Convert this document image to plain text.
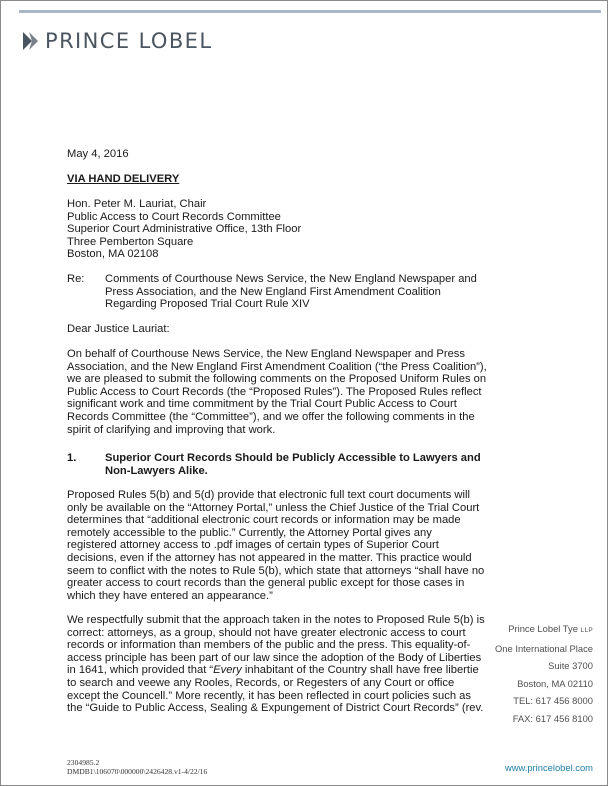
PRINCE LOBEL
May 4, 2016
VIA HAND DELIVERY
Hon. Peter M. Lauriat, Chair
Public Access to Court Records Committee
Superior Court Administrative Office, 13th Floor
Three Pemberton Square
Boston, MA 02108
Re: Comments of Courthouse News Service, the New England Newspaper and
Press Association, and the New England First Amendment Coalition
Regarding Proposed Trial Court Rule XIV
Dear Justice Lauriat:
On behalf of Courthouse News Service, the New England Newspaper and Press
Association, and the New England First Amendment Coalition (“the Press Coalition”),
we are pleased to submit the following comments on the Proposed Uniform Rules on
Public Access to Court Records (the “Proposed Rules”). The Proposed Rules reflect
significant work and time commitment by the Trial Court Public Access to Court
Records Committee (the “Committee”), and we offer the following comments in the
spirit of clarifying and improving that work.
1.	Superior Court Records Should be Publicly Accessible to Lawyers and
Non-Lawyers Alike.
Proposed Rules 5(b) and 5(d) provide that electronic full text court documents will
only be available on the “Attorney Portal,” unless the Chief Justice of the Trial Court
determines that “additional electronic court records or information may be made
remotely accessible to the public.” Currently, the Attorney Portal gives any
registered attorney access to .pdf images of certain types of Superior Court
decisions, even if the attorney has not appeared in the matter. This practice would
seem to conflict with the notes to Rule 5(b), which state that attorneys “shall have no
greater access to court records than the general public except for those cases in
which they have entered an appearance.”
We respectfully submit that the approach taken in the notes to Proposed Rule 5(b) is
correct: attorneys, as a group, should not have greater electronic access to court
records or information than members of the public and the press. This equality-of-
access principle has been part of our law since the adoption of the Body of Liberties
in 1641, which provided that “Every inhabitant of the Country shall have free libertie
to search and veewe any Rooles, Records, or Regesters of any Court or office
except the Councell.” More recently, it has been reflected in court policies such as
the “Guide to Public Access, Sealing & Expungement of District Court Records” (rev.
Prince Lobel Tye LLP
One International Place
Suite 3700
Boston, MA 02110
TEL: 617 456 8000
FAX: 617 456 8100
www.princelobel.com
2304985.2
DMDB1\106070\000000\2426428.v1-4/22/16
